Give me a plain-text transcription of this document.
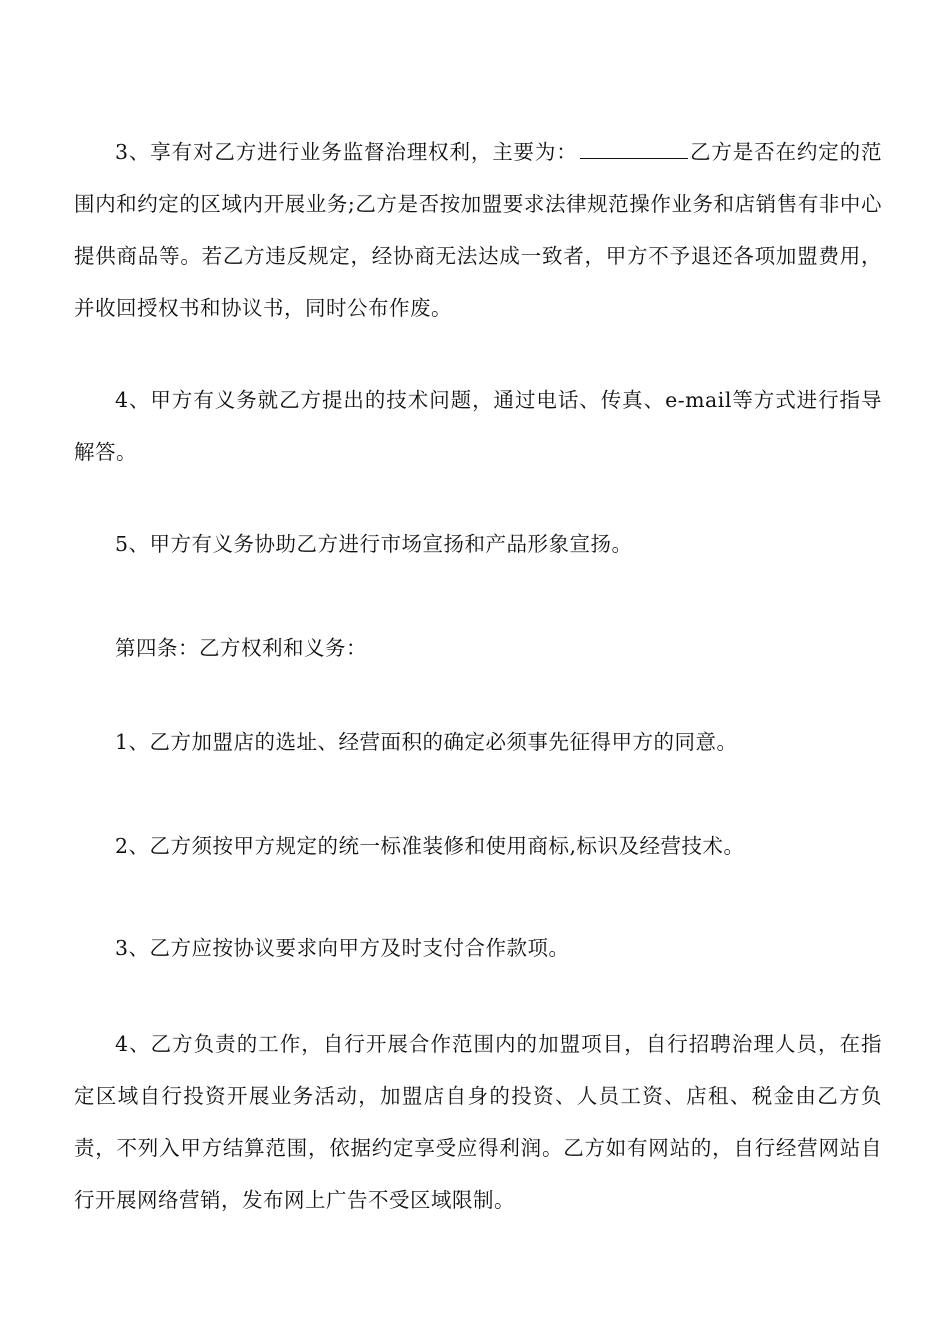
3、享有对乙方进行业务监督治理权利，主要为：	乙方是否在约定的范围内和约定的区域内开展业务;乙方是否按加盟要求法律规范操作业务和店销售有非中心提供商品等。若乙方违反规定，经协商无法达成一致者，甲方不予退还各项加盟费用，并收回授权书和协议书，同时公布作废。

4、甲方有义务就乙方提出的技术问题，通过电话、传真、e-mail等方式进行指导解答。

5、甲方有义务协助乙方进行市场宣扬和产品形象宣扬。

第四条：乙方权利和义务：

1、乙方加盟店的选址、经营面积的确定必须事先征得甲方的同意。

2、乙方须按甲方规定的统一标准装修和使用商标,标识及经营技术。

3、乙方应按协议要求向甲方及时支付合作款项。

4、乙方负责的工作，自行开展合作范围内的加盟项目，自行招聘治理人员，在指定区域自行投资开展业务活动，加盟店自身的投资、人员工资、店租、税金由乙方负责，不列入甲方结算范围，依据约定享受应得利润。乙方如有网站的，自行经营网站自行开展网络营销，发布网上广告不受区域限制。
